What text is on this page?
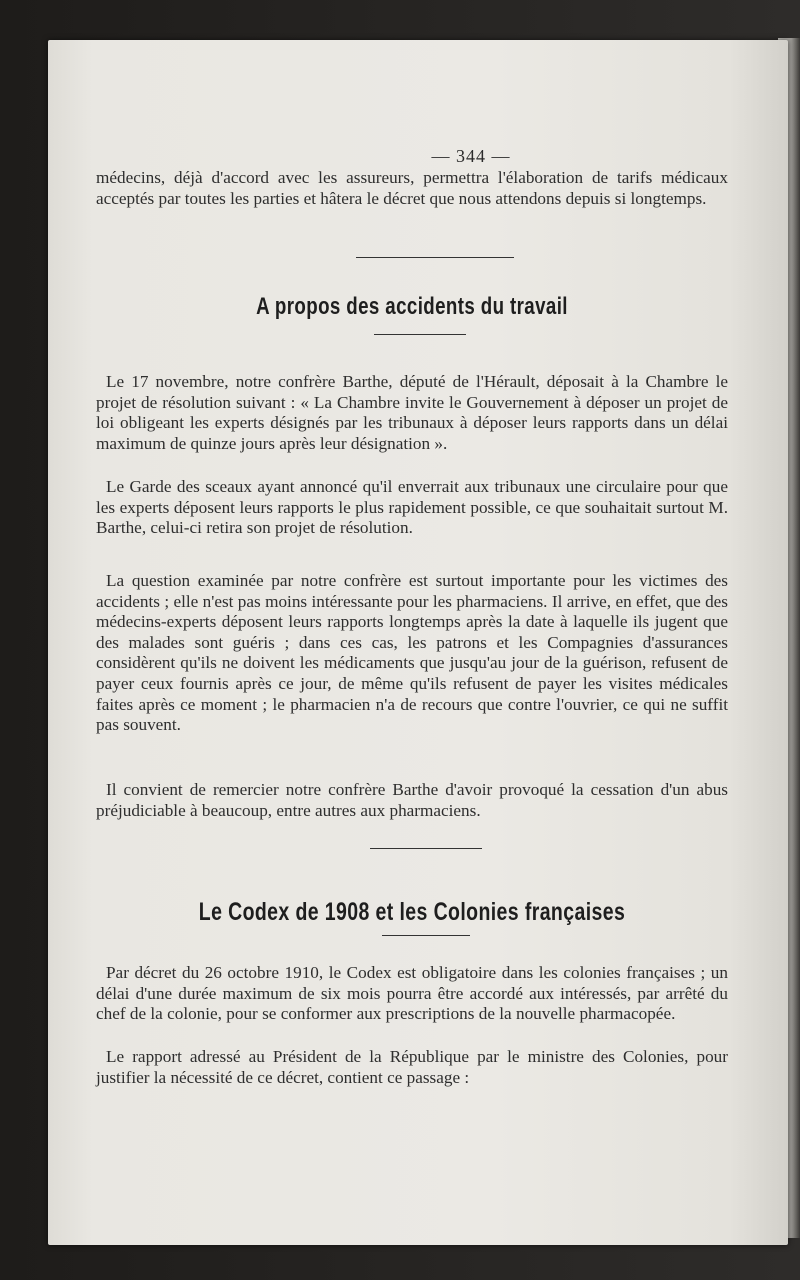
— 344 —

médecins, déjà d'accord avec les assureurs, permettra l'élaboration de tarifs médicaux acceptés par toutes les parties et hâtera le décret que nous attendons depuis si longtemps.

A propos des accidents du travail

Le 17 novembre, notre confrère Barthe, député de l'Hérault, déposait à la Chambre le projet de résolution suivant : « La Chambre invite le Gouvernement à déposer un projet de loi obligeant les experts désignés par les tribunaux à déposer leurs rapports dans un délai maximum de quinze jours après leur désignation ».

Le Garde des sceaux ayant annoncé qu'il enverrait aux tribunaux une circulaire pour que les experts déposent leurs rapports le plus rapidement possible, ce que souhaitait surtout M. Barthe, celui-ci retira son projet de résolution.

La question examinée par notre confrère est surtout importante pour les victimes des accidents ; elle n'est pas moins intéressante pour les pharmaciens. Il arrive, en effet, que des médecins-experts déposent leurs rapports longtemps après la date à laquelle ils jugent que des malades sont guéris ; dans ces cas, les patrons et les Compagnies d'assurances considèrent qu'ils ne doivent les médicaments que jusqu'au jour de la guérison, refusent de payer ceux fournis après ce jour, de même qu'ils refusent de payer les visites médicales faites après ce moment ; le pharmacien n'a de recours que contre l'ouvrier, ce qui ne suffit pas souvent.

Il convient de remercier notre confrère Barthe d'avoir provoqué la cessation d'un abus préjudiciable à beaucoup, entre autres aux pharmaciens.

Le Codex de 1908 et les Colonies françaises

Par décret du 26 octobre 1910, le Codex est obligatoire dans les colonies françaises ; un délai d'une durée maximum de six mois pourra être accordé aux intéressés, par arrêté du chef de la colonie, pour se conformer aux prescriptions de la nouvelle pharmacopée.

Le rapport adressé au Président de la République par le ministre des Colonies, pour justifier la nécessité de ce décret, contient ce passage :
